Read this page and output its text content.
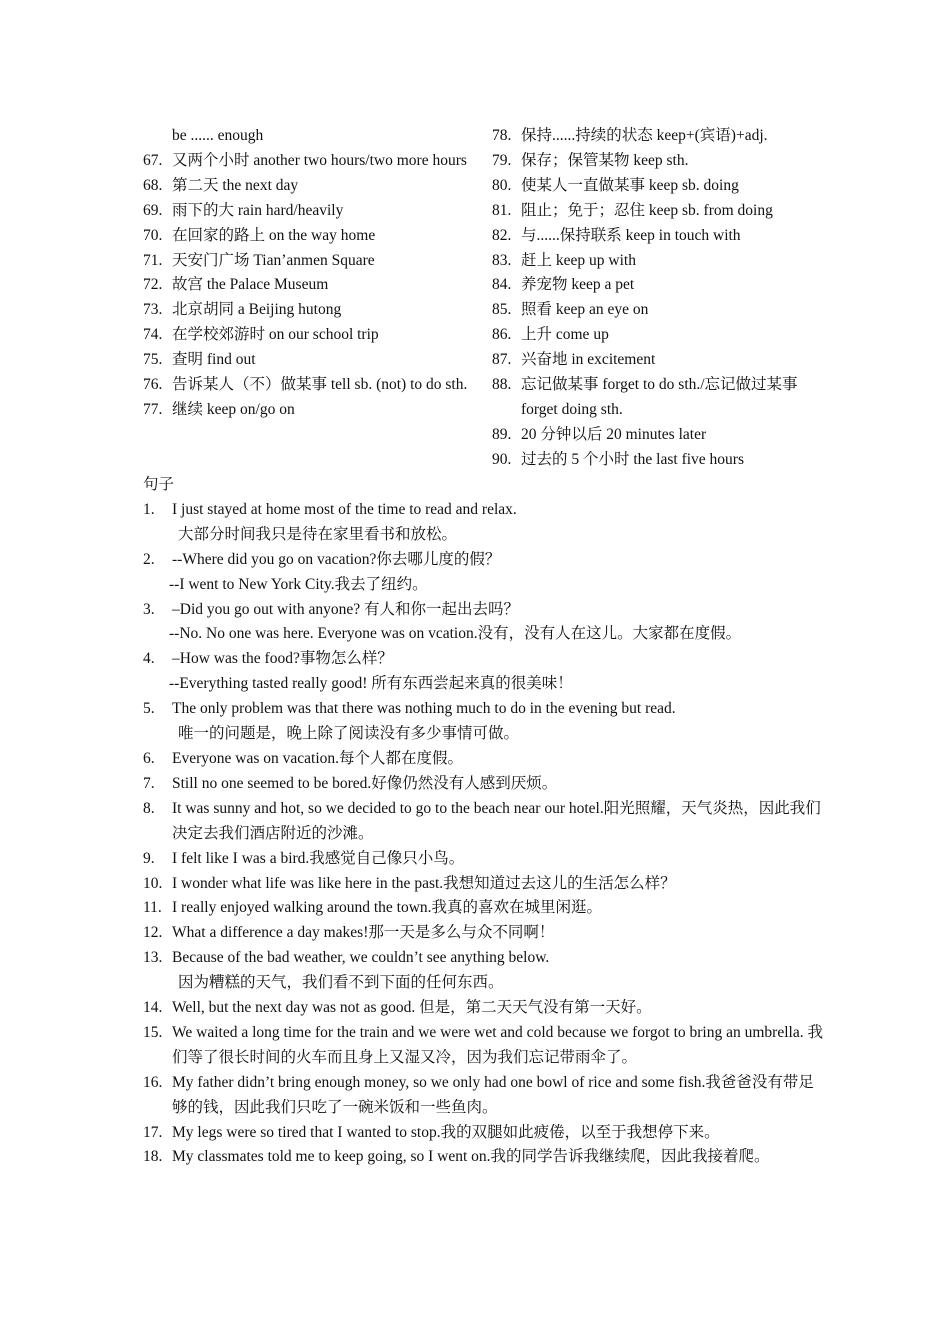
be ...... enough
67. 又两个小时 another two hours/two more hours
68. 第二天 the next day
69. 雨下的大 rain hard/heavily
70. 在回家的路上 on the way home
71. 天安门广场 Tian’anmen Square
72. 故宫 the Palace Museum
73. 北京胡同 a Beijing hutong
74. 在学校郊游时 on our school trip
75. 查明 find out
76. 告诉某人（不）做某事 tell sb. (not) to do sth.
77. 继续 keep on/go on
78. 保持......持续的状态 keep+(宾语)+adj.
79. 保存；保管某物 keep sth.
80. 使某人一直做某事 keep sb. doing
81. 阻止；免于；忍住 keep sb. from doing
82. 与......保持联系 keep in touch with
83. 赶上 keep up with
84. 养宠物 keep a pet
85. 照看 keep an eye on
86. 上升 come up
87. 兴奋地 in excitement
88. 忘记做某事 forget to do sth./忘记做过某事 forget doing sth.
89. 20 分钟以后 20 minutes later
90. 过去的 5 个小时 the last five hours
句子
1.	I just stayed at home most of the time to read and relax.
大部分时间我只是待在家里看书和放松。
2.	--Where did you go on vacation?你去哪儿度的假？
--I went to New York City.我去了纽约。
3.	–Did you go out with anyone? 有人和你一起出去吗？
--No. No one was here. Everyone was on vcation.没有，没有人在这儿。大家都在度假。
4.	–How was the food?事物怎么样？
--Everything tasted really good! 所有东西尝起来真的很美味！
5.	The only problem was that there was nothing much to do in the evening but read.
唯一的问题是，晚上除了阅读没有多少事情可做。
6.	Everyone was on vacation.每个人都在度假。
7.	Still no one seemed to be bored.好像仍然没有人感到厌烦。
8.	It was sunny and hot, so we decided to go to the beach near our hotel.阳光照耀，天气炎热，因此我们决定去我们酒店附近的沙滩。
9.	I felt like I was a bird.我感觉自己像只小鸟。
10. I wonder what life was like here in the past.我想知道过去这儿的生活怎么样？
11. I really enjoyed walking around the town.我真的喜欢在城里闲逛。
12. What a difference a day makes!那一天是多么与众不同啊！
13. Because of the bad weather, we couldn’t see anything below.
因为糟糕的天气，我们看不到下面的任何东西。
14. Well, but the next day was not as good. 但是，第二天天气没有第一天好。
15. We waited a long time for the train and we were wet and cold because we forgot to bring an umbrella. 我们等了很长时间的火车而且身上又湿又冷，因为我们忘记带雨伞了。
16. My father didn’t bring enough money, so we only had one bowl of rice and some fish.我爸爸没有带足够的钱，因此我们只吃了一碗米饭和一些鱼肉。
17. My legs were so tired that I wanted to stop.我的双腿如此疲倦，以至于我想停下来。
18. My classmates told me to keep going, so I went on.我的同学告诉我继续爬，因此我接着爬。
